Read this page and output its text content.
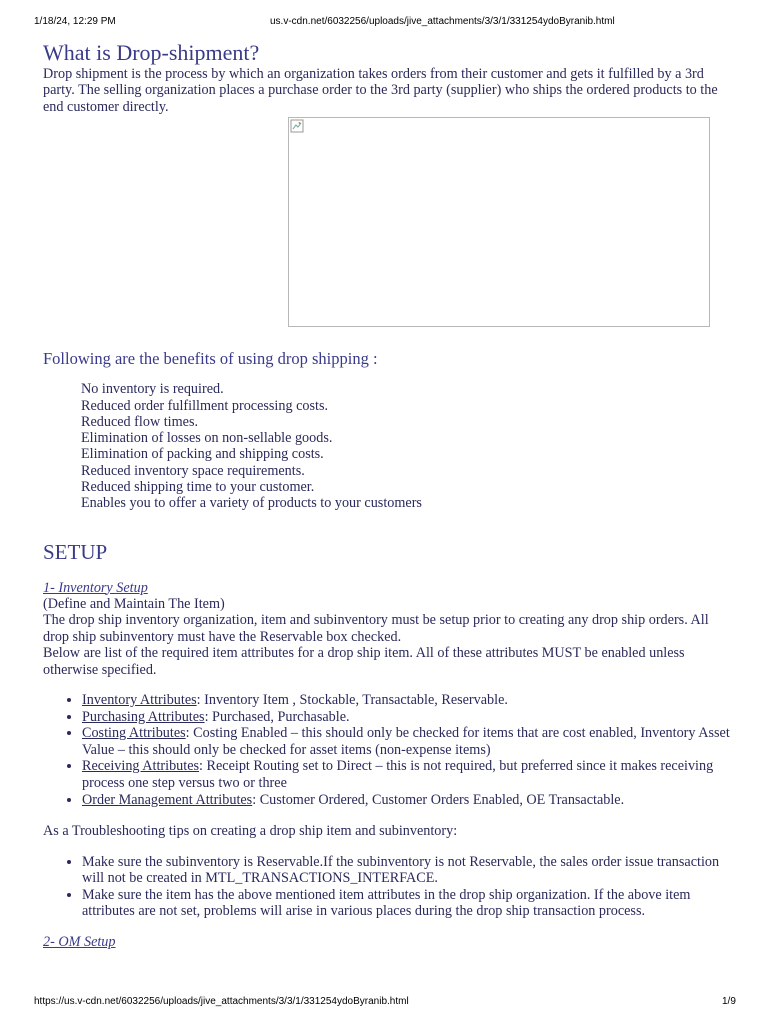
1/18/24, 12:29 PM	us.v-cdn.net/6032256/uploads/jive_attachments/3/3/1/331254ydoByranib.html
What is Drop-shipment?

Drop shipment is the process by which an organization takes orders from their customer and gets it fulfilled by a 3rd party. The selling organization places a purchase order to the 3rd party (supplier) who ships the ordered products to the end customer directly.

Following are the benefits of using drop shipping :
No inventory is required.
Reduced order fulfillment processing costs.
Reduced flow times.
Elimination of losses on non-sellable goods.
Elimination of packing and shipping costs.
Reduced inventory space requirements.
Reduced shipping time to your customer.
Enables you to offer a variety of products to your customers
SETUP
1- Inventory Setup

(Define and Maintain The Item)

The drop ship inventory organization, item and subinventory must be setup prior to creating any drop ship orders. All drop ship subinventory must have the Reservable box checked.

Below are list of the required item attributes for a drop ship item. All of these attributes MUST be enabled unless otherwise specified.

• Inventory Attributes: Inventory Item , Stockable, Transactable, Reservable.
• Purchasing Attributes: Purchased, Purchasable.
• Costing Attributes: Costing Enabled – this should only be checked for items that are cost enabled, Inventory Asset Value – this should only be checked for asset items (non-expense items)
• Receiving Attributes: Receipt Routing set to Direct – this is not required, but preferred since it makes receiving process one step versus two or three
• Order Management Attributes: Customer Ordered, Customer Orders Enabled, OE Transactable.

As a Troubleshooting tips on creating a drop ship item and subinventory:

• Make sure the subinventory is Reservable.If the subinventory is not Reservable, the sales order issue transaction will not be created in MTL_TRANSACTIONS_INTERFACE.
• Make sure the item has the above mentioned item attributes in the drop ship organization. If the above item attributes are not set, problems will arise in various places during the drop ship transaction process.
2- OM Setup
https://us.v-cdn.net/6032256/uploads/jive_attachments/3/3/1/331254ydoByranib.html	1/9
